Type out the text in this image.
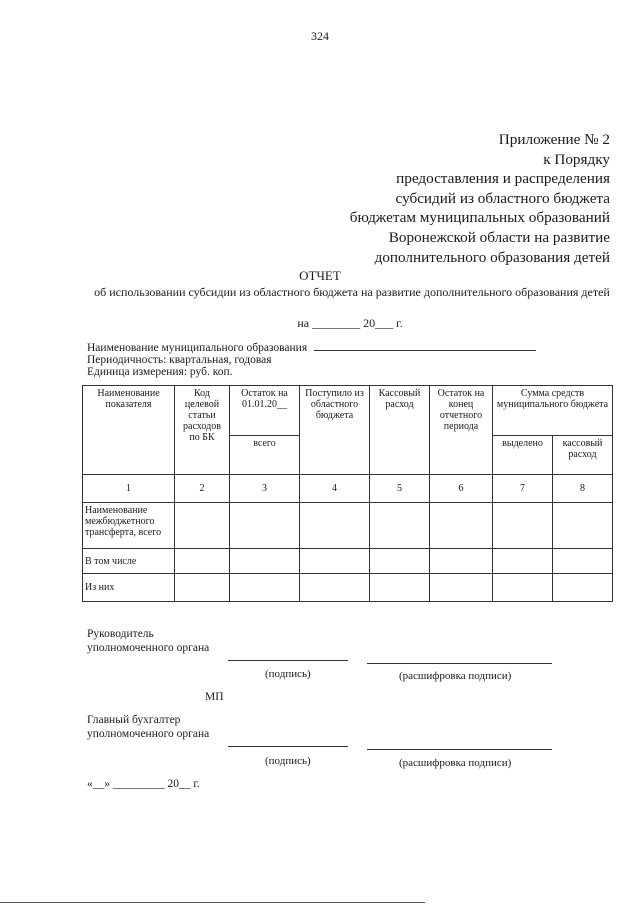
324
Приложение № 2
к Порядку
предоставления и распределения
субсидий из областного бюджета
бюджетам муниципальных образований
Воронежской области на развитие
дополнительного образования детей
ОТЧЕТ
об использовании субсидии из областного бюджета на развитие дополнительного образования детей
на ________ 20___ г.
Наименование муниципального образования
Периодичность: квартальная, годовая
Единица измерения: руб. коп.
Наименование показателя	Код целевой статьи расходов по БК	Остаток на 01.01.20__	Поступило из областного бюджета	Кассовый расход	Остаток на конец отчетного периода	Сумма средств муниципального бюджета	
		всего				выделено	кассовый расход
1	2	3	4	5	6	7	8
Наименование межбюджетного трансферта, всего							
В том числе							
Из них							
Руководитель
уполномоченного органа
(подпись)	(расшифровка подписи)
МП
Главный бухгалтер
уполномоченного органа
(подпись)	(расшифровка подписи)
«__» _________ 20__ г.
